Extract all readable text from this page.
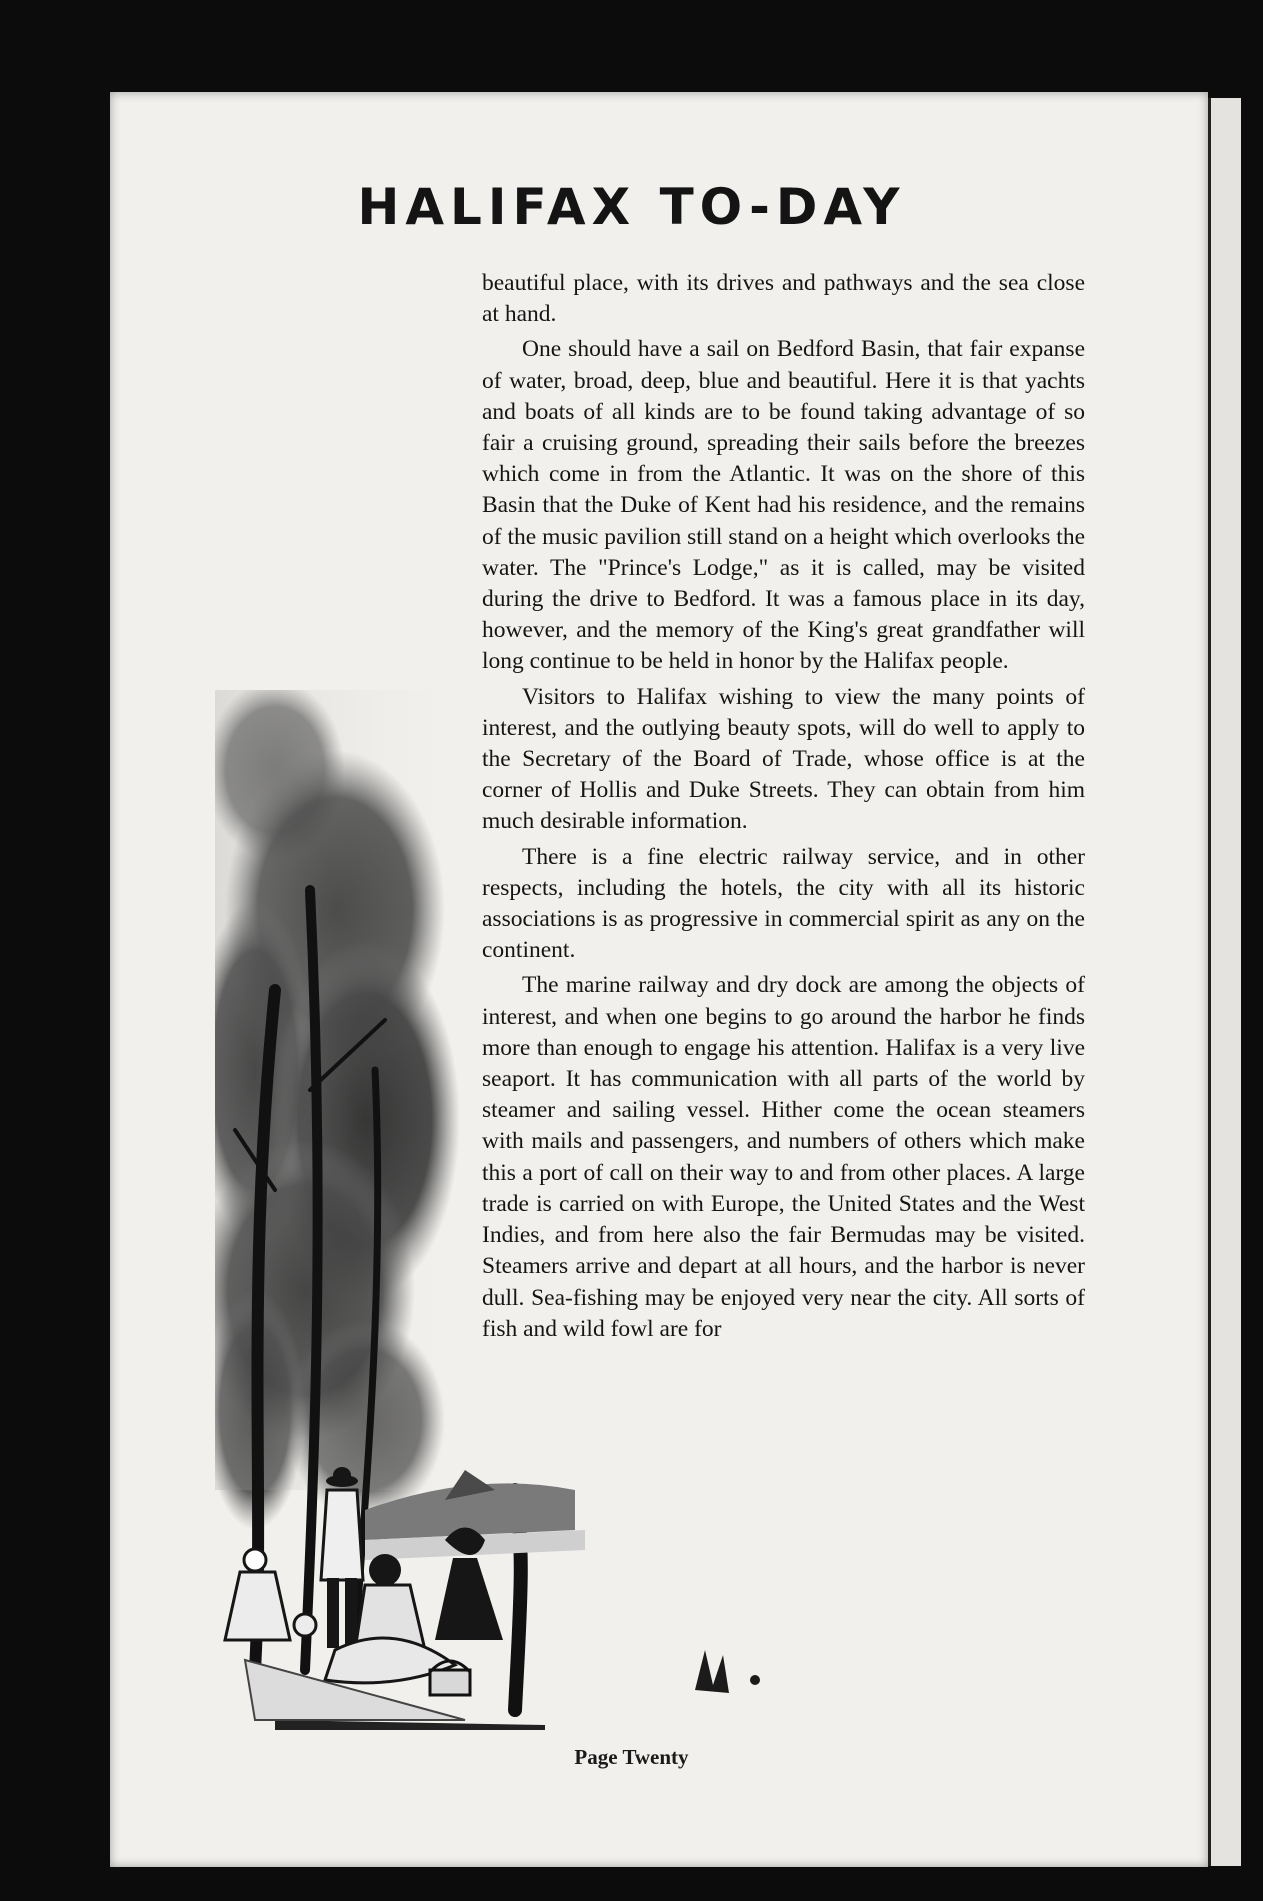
HALIFAX TO-DAY

beautiful place, with its drives and pathways and the sea close at hand.

One should have a sail on Bedford Basin, that fair expanse of water, broad, deep, blue and beautiful. Here it is that yachts and boats of all kinds are to be found taking advantage of so fair a cruising ground, spreading their sails before the breezes which come in from the Atlantic. It was on the shore of this Basin that the Duke of Kent had his residence, and the remains of the music pavilion still stand on a height which overlooks the water. The "Prince's Lodge," as it is called, may be visited during the drive to Bedford. It was a famous place in its day, however, and the memory of the King's great grandfather will long continue to be held in honor by the Halifax people.

Visitors to Halifax wishing to view the many points of interest, and the outlying beauty spots, will do well to apply to the Secretary of the Board of Trade, whose office is at the corner of Hollis and Duke Streets. They can obtain from him much desirable information.

There is a fine electric railway service, and in other respects, including the hotels, the city with all its historic associations is as progressive in commercial spirit as any on the continent.

The marine railway and dry dock are among the objects of interest, and when one begins to go around the harbor he finds more than enough to engage his attention. Halifax is a very live seaport. It has communication with all parts of the world by steamer and sailing vessel. Hither come the ocean steamers with mails and passengers, and numbers of others which make this a port of call on their way to and from other places. A large trade is carried on with Europe, the United States and the West Indies, and from here also the fair Bermudas may be visited. Steamers arrive and depart at all hours, and the harbor is never dull. Sea-fishing may be enjoyed very near the city. All sorts of fish and wild fowl are for

Page Twenty
